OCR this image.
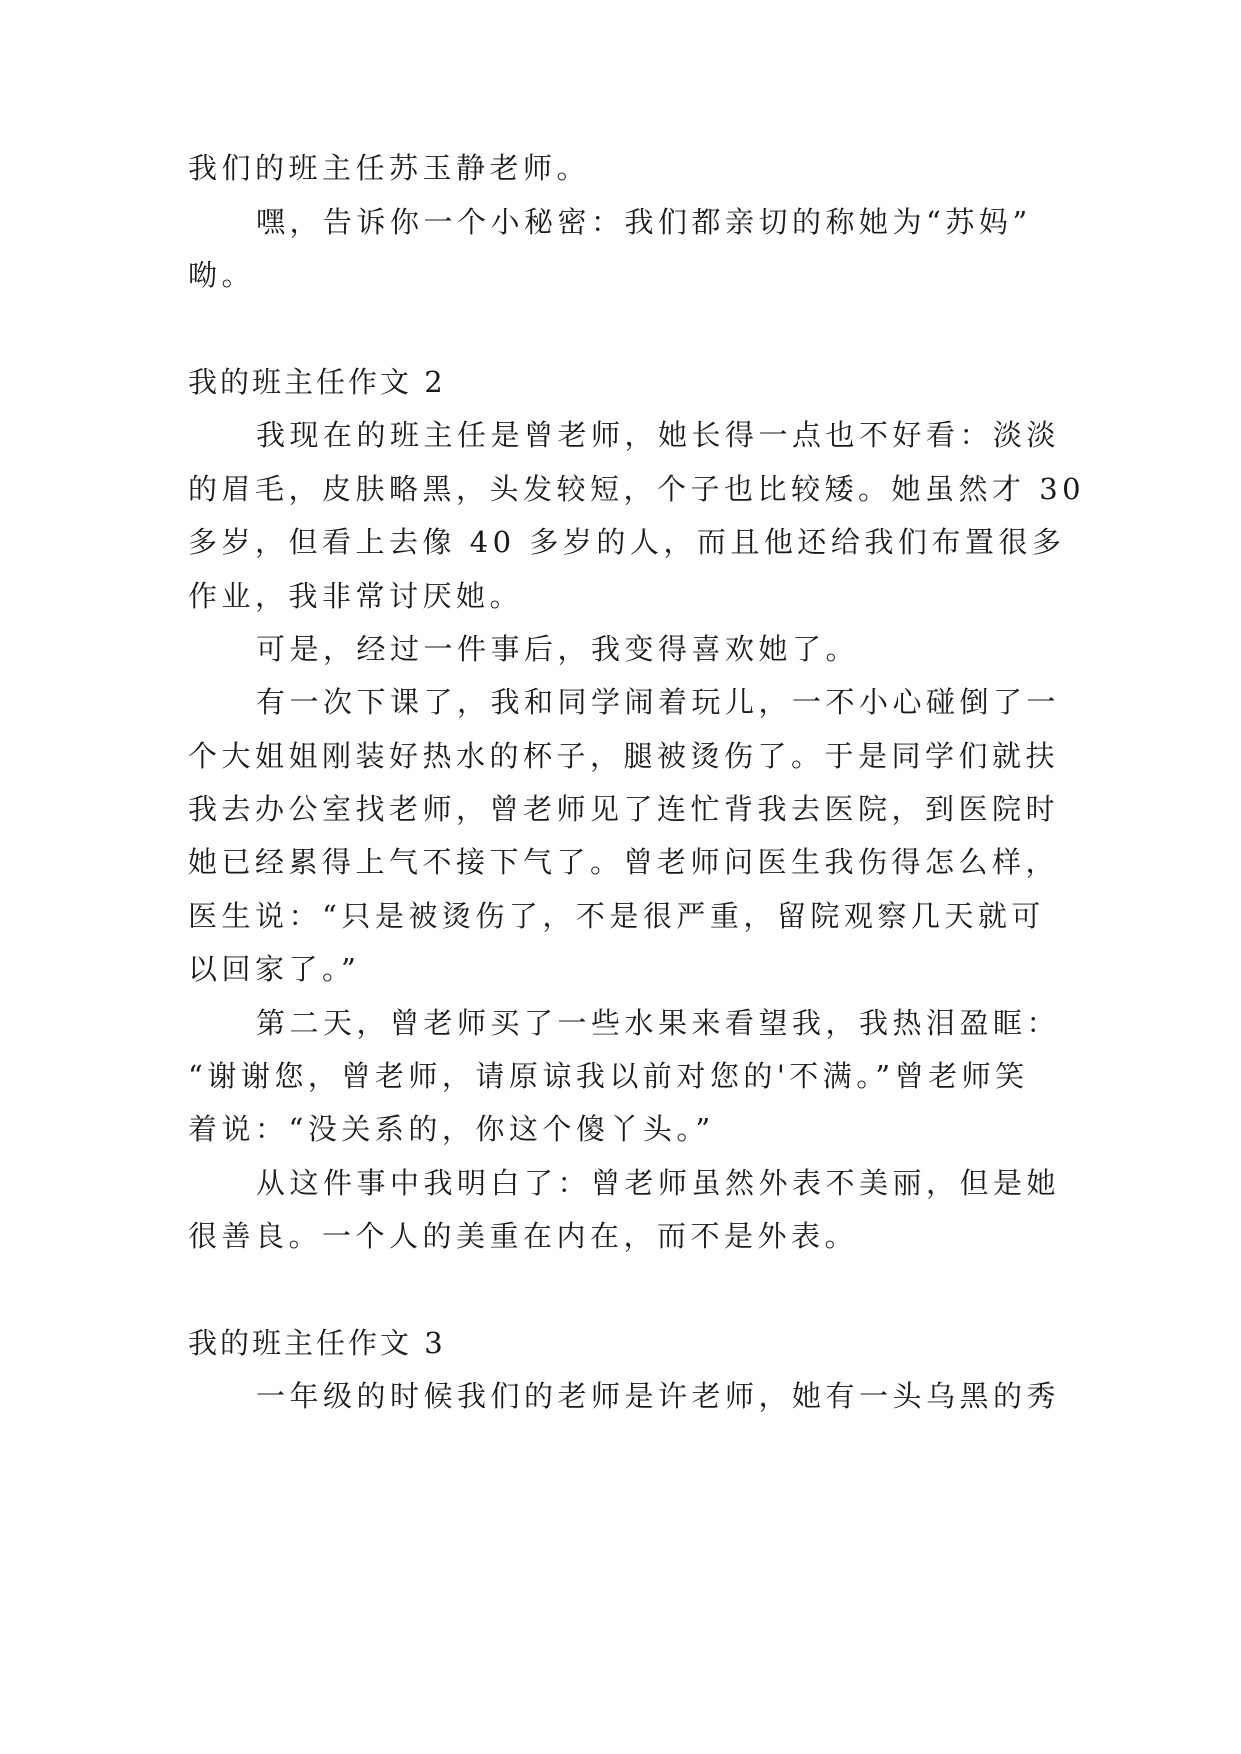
我们的班主任苏玉静老师。
嘿，告诉你一个小秘密：我们都亲切的称她为“苏妈”
呦。
我的班主任作文 2
我现在的班主任是曾老师，她长得一点也不好看：淡淡
的眉毛，皮肤略黑，头发较短，个子也比较矮。她虽然才 30
多岁，但看上去像 40 多岁的人，而且他还给我们布置很多
作业，我非常讨厌她。
可是，经过一件事后，我变得喜欢她了。
有一次下课了，我和同学闹着玩儿，一不小心碰倒了一
个大姐姐刚装好热水的杯子，腿被烫伤了。于是同学们就扶
我去办公室找老师，曾老师见了连忙背我去医院，到医院时
她已经累得上气不接下气了。曾老师问医生我伤得怎么样，
医生说：“只是被烫伤了，不是很严重，留院观察几天就可
以回家了。”
第二天，曾老师买了一些水果来看望我，我热泪盈眶：
“谢谢您，曾老师，请原谅我以前对您的'不满。”曾老师笑
着说：“没关系的，你这个傻丫头。”
从这件事中我明白了：曾老师虽然外表不美丽，但是她
很善良。一个人的美重在内在，而不是外表。
我的班主任作文 3
一年级的时候我们的老师是许老师，她有一头乌黑的秀
